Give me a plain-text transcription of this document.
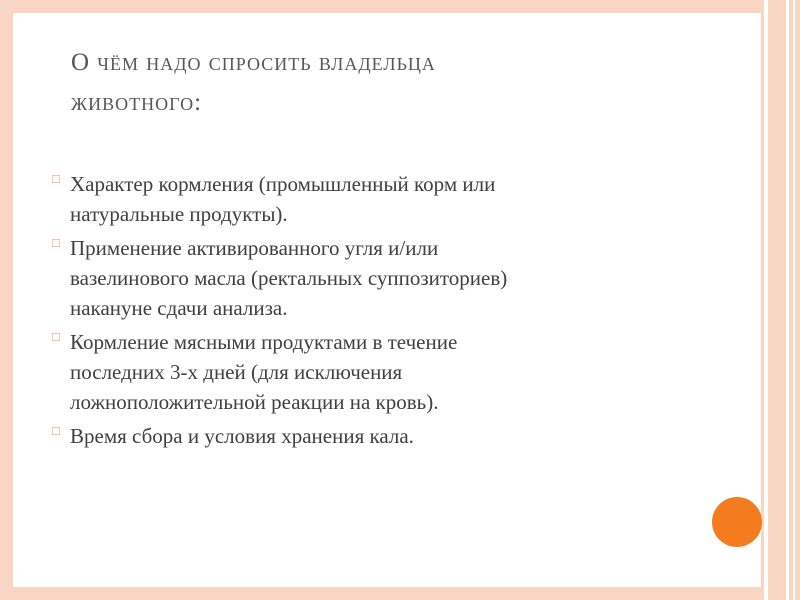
О чём надо спросить владельца
животного:
☐ Характер кормления (промышленный корм или
натуральные продукты).
☐ Применение активированного угля и/или
вазелинового масла (ректальных суппозиториев)
накануне сдачи анализа.
☐ Кормление мясными продуктами в течение
последних 3-х дней (для исключения
ложноположительной реакции на кровь).
☐ Время сбора и условия хранения кала.
